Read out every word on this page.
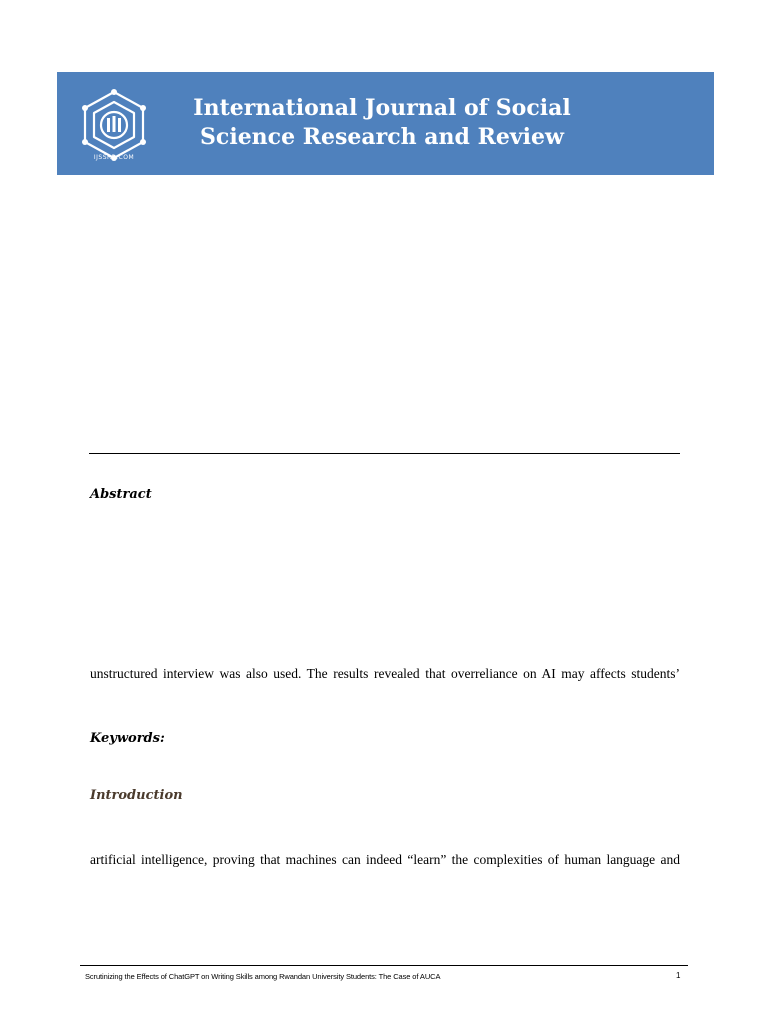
IJSSRR.COM
International Journal of Social
Science Research and Review
Abstract
unstructured interview was also used. The results revealed that overreliance on AI may affects students’
Keywords:
Introduction
artificial intelligence, proving that machines can indeed “learn” the complexities of human language and
Scrutinizing the Effects of ChatGPT on Writing Skills among Rwandan University Students: The Case of AUCA	1
